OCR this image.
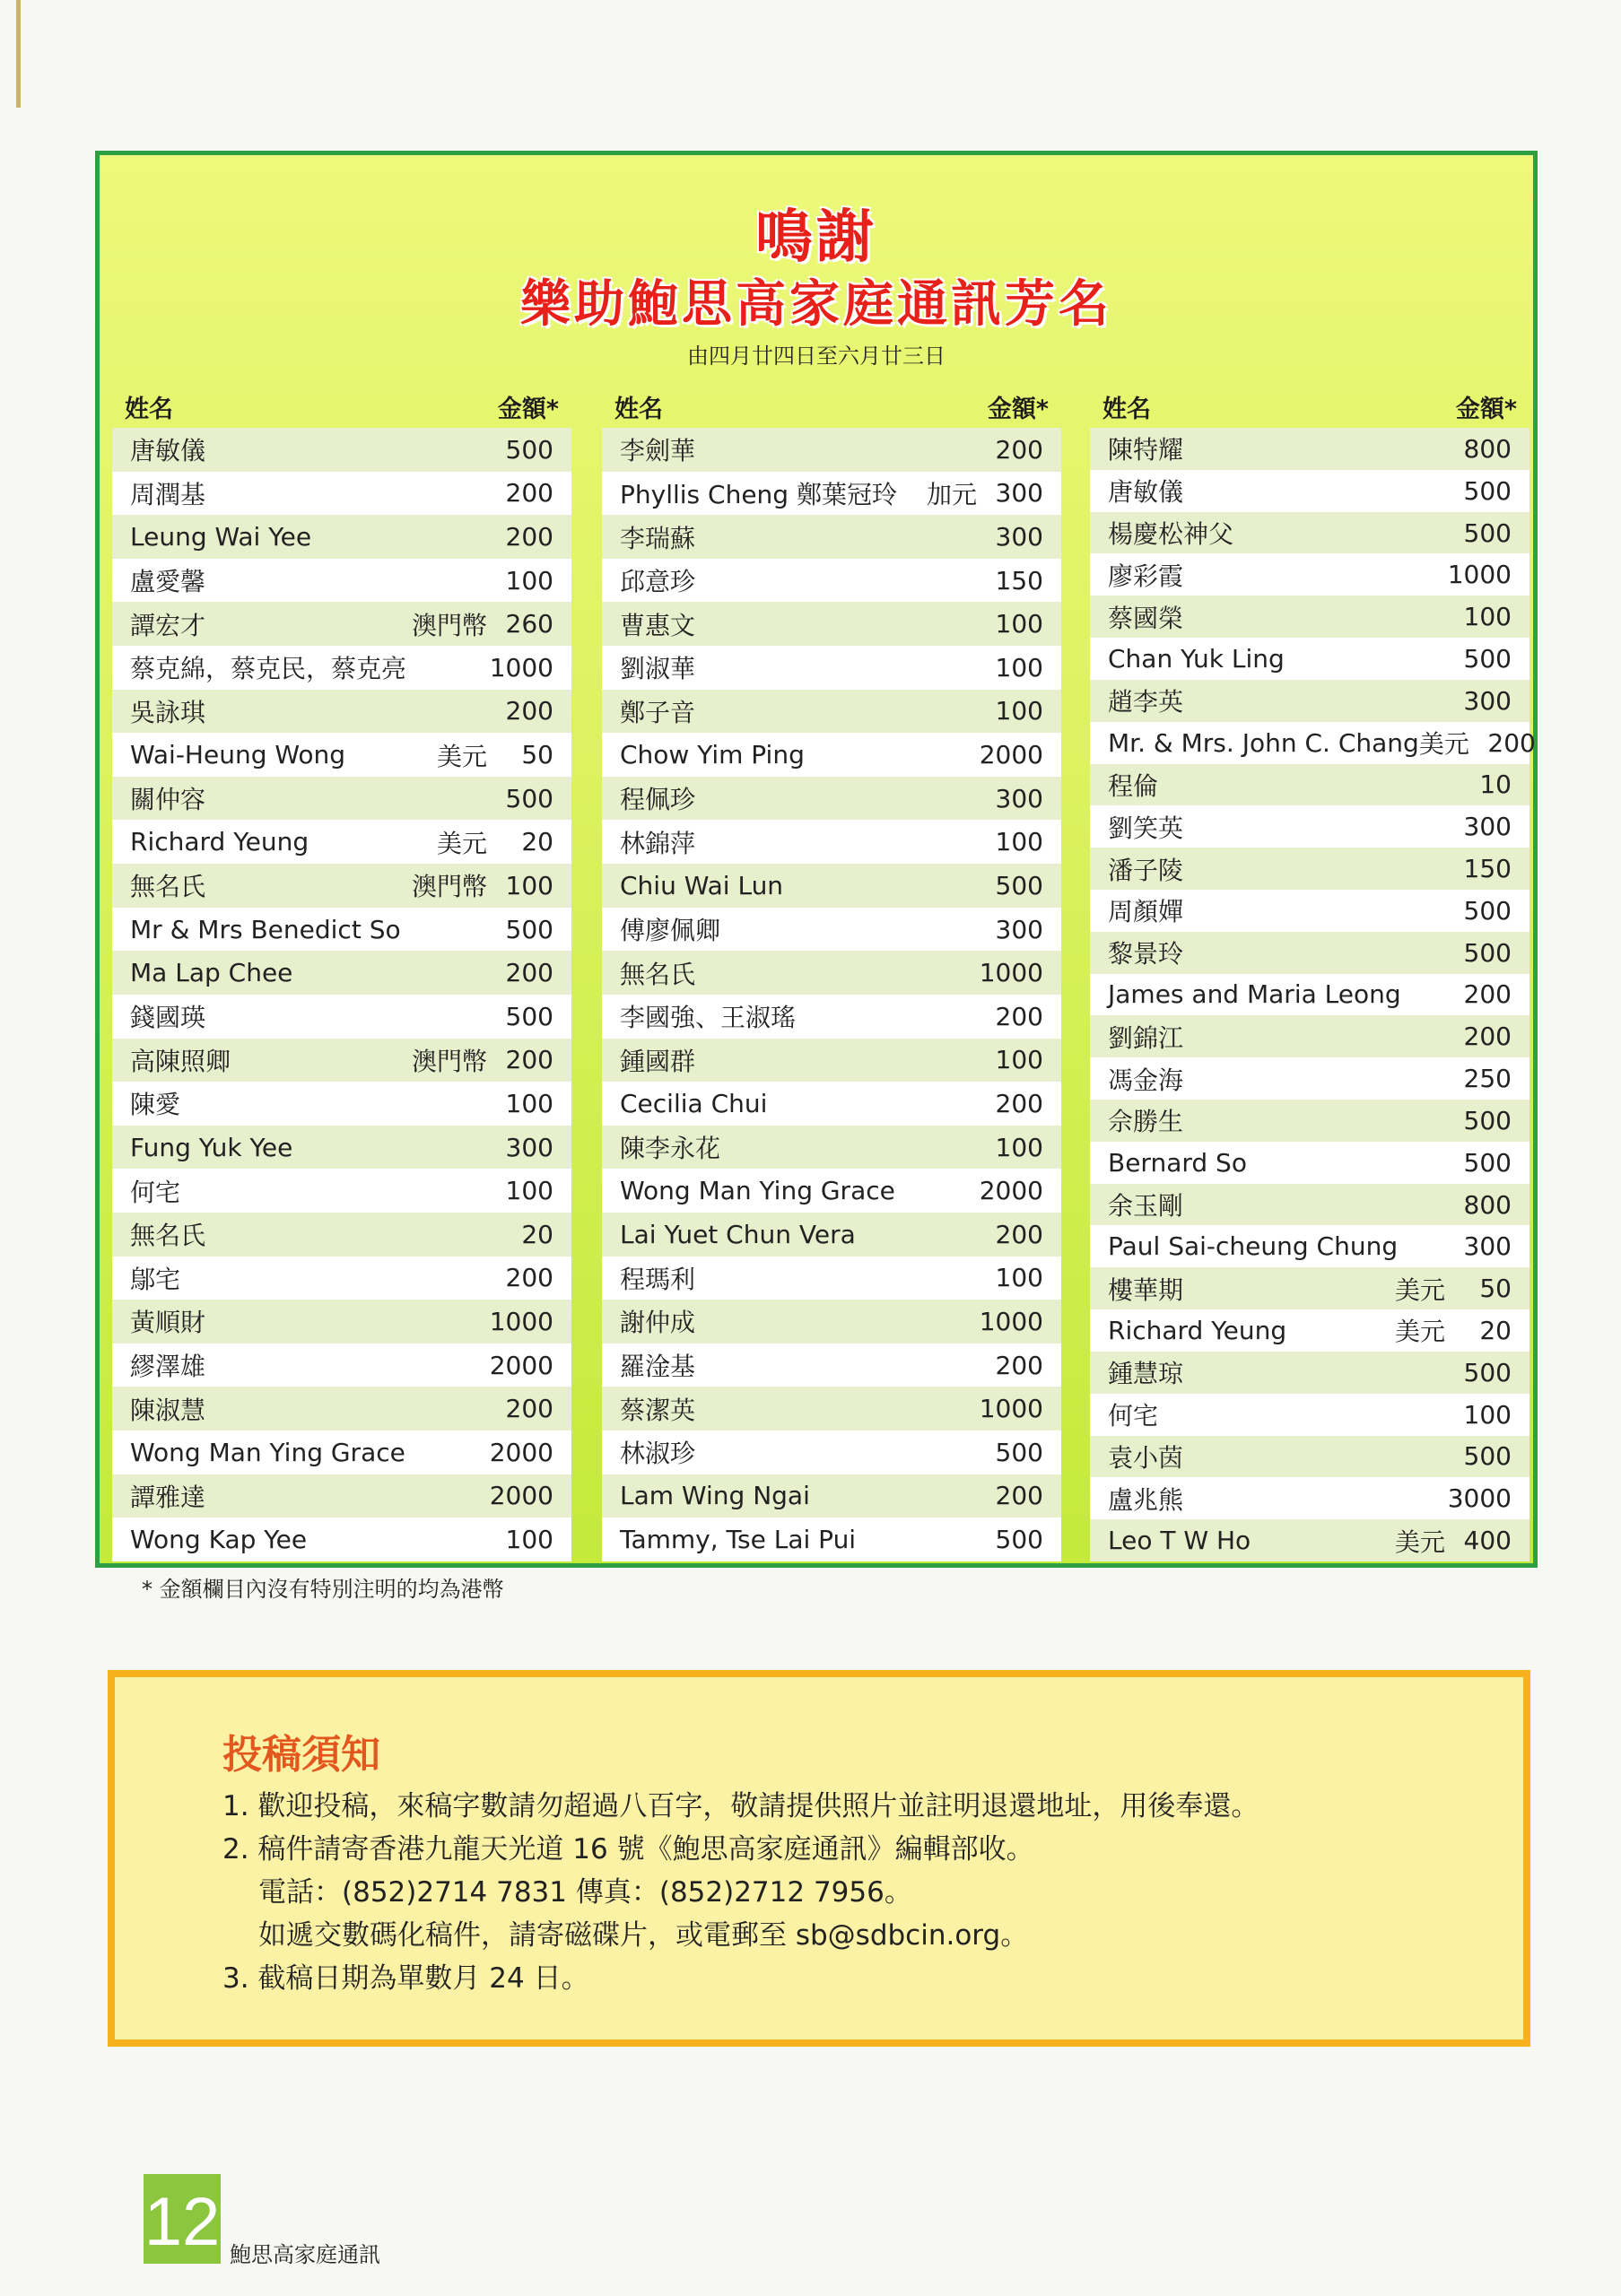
鳴謝
樂助鮑思高家庭通訊芳名
由四月廿四日至六月廿三日
姓名	金額*
唐敏儀	500
周潤基	200
Leung Wai Yee	200
盧愛馨	100
譚宏才	澳門幣 260
蔡克綿，蔡克民，蔡克亮	1000
吳詠琪	200
Wai-Heung Wong	美元	50
關仲容	500
Richard Yeung	美元	20
無名氏	澳門幣 100
Mr & Mrs Benedict So	500
Ma Lap Chee	200
錢國瑛	500
高陳照卿	澳門幣 200
陳愛	100
Fung Yuk Yee	300
何宅	100
無名氏	20
鄔宅	200
黃順財	1000
繆澤雄	2000
陳淑慧	200
Wong Man Ying Grace	2000
譚雅達	2000
Wong Kap Yee	100
姓名	金額*
李劍華	200
Phyllis Cheng 鄭葉冠玲	加元 300
李瑞蘇	300
邱意珍	150
曹惠文	100
劉淑華	100
鄭子音	100
Chow Yim Ping	2000
程佩珍	300
林錦萍	100
Chiu Wai Lun	500
傅廖佩卿	300
無名氏	1000
李國強、王淑瑤	200
鍾國群	100
Cecilia Chui	200
陳李永花	100
Wong Man Ying Grace	2000
Lai Yuet Chun Vera	200
程瑪利	100
謝仲成	1000
羅淦基	200
蔡潔英	1000
林淑珍	500
Lam Wing Ngai	200
Tammy, Tse Lai Pui	500
姓名	金額*
陳特耀	800
唐敏儀	500
楊慶松神父	500
廖彩霞	1000
蔡國榮	100
Chan Yuk Ling	500
趙李英	300
Mr. & Mrs. John C. Chang 美元 200
程倫	10
劉笑英	300
潘子陵	150
周顏嬋	500
黎景玲	500
James and Maria Leong	200
劉錦江	200
馮金海	250
佘勝生	500
Bernard So	500
余玉剛	800
Paul Sai-cheung Chung	300
樓華期	美元	50
Richard Yeung	美元	20
鍾慧琼	500
何宅	100
袁小茵	500
盧兆熊	3000
Leo T W Ho	美元 400
* 金額欄目內沒有特別注明的均為港幣
投稿須知
1. 歡迎投稿，來稿字數請勿超過八百字，敬請提供照片並註明退還地址，用後奉還。
2. 稿件請寄香港九龍天光道 16 號《鮑思高家庭通訊》編輯部收。
電話：(852)2714 7831 傳真：(852)2712 7956。
如遞交數碼化稿件，請寄磁碟片，或電郵至 sb@sdbcin.org。
3. 截稿日期為單數月 24 日。
12 鮑思高家庭通訊
